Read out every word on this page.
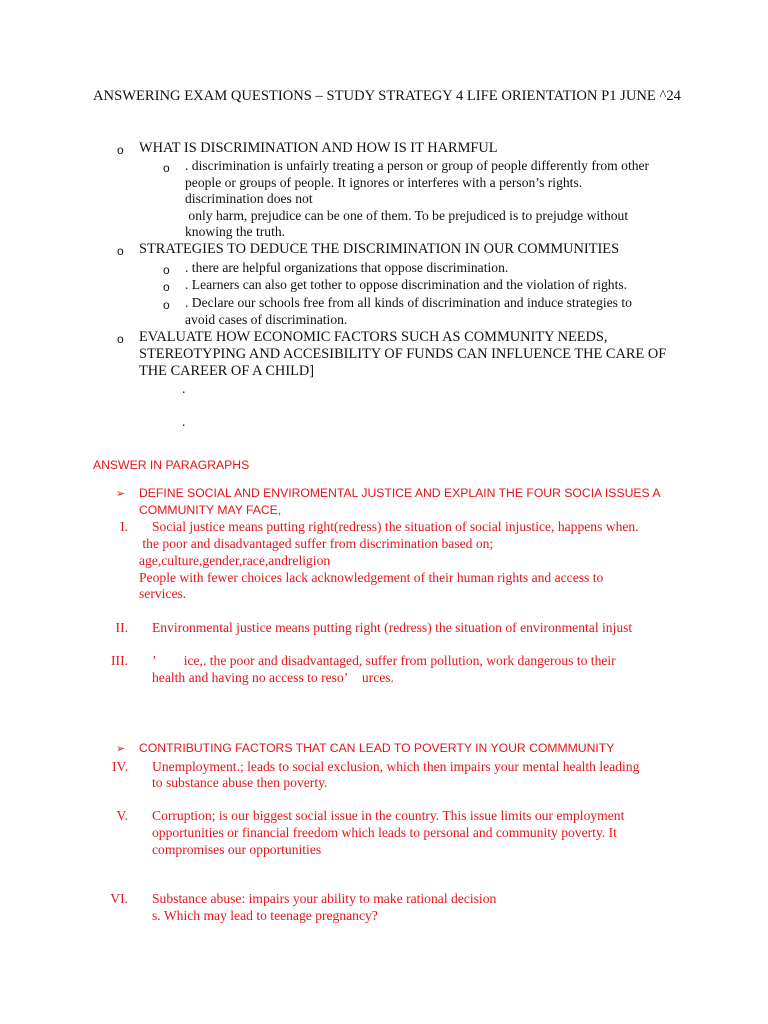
ANSWERING EXAM QUESTIONS – STUDY STRATEGY 4 LIFE ORIENTATION P1 JUNE ^24
o WHAT IS DISCRIMINATION AND HOW IS IT HARMFUL
o . discrimination is unfairly treating a person or group of people differently from other
people or groups of people. It ignores or interferes with a person’s rights.
discrimination does not
only harm, prejudice can be one of them. To be prejudiced is to prejudge without
knowing the truth.
o STRATEGIES TO DEDUCE THE DISCRIMINATION IN OUR COMMUNITIES
o . there are helpful organizations that oppose discrimination.
o . Learners can also get tother to oppose discrimination and the violation of rights.
o . Declare our schools free from all kinds of discrimination and induce strategies to
avoid cases of discrimination.
o EVALUATE HOW ECONOMIC FACTORS SUCH AS COMMUNITY NEEDS,
STEREOTYPING AND ACCESIBILITY OF FUNDS CAN INFLUENCE THE CARE OF
THE CAREER OF A CHILD]
.
.
ANSWER IN PARAGRAPHS
➢ DEFINE SOCIAL AND ENVIROMENTAL JUSTICE AND EXPLAIN THE FOUR SOCIA ISSUES A
COMMUNITY MAY FACE,
I. Social justice means putting right(redress) the situation of social injustice, happens when.
the poor and disadvantaged suffer from discrimination based on;
age,culture,gender,race,andreligion
People with fewer choices lack acknowledgement of their human rights and access to
services.
II. Environmental justice means putting right (redress) the situation of environmental injust
III. ʼ        ice,. the poor and disadvantaged, suffer from pollution, work dangerous to their
health and having no access to resoʼ    urces.
➢ CONTRIBUTING FACTORS THAT CAN LEAD TO POVERTY IN YOUR COMMMUNITY
IV. Unemployment.; leads to social exclusion, which then impairs your mental health leading
to substance abuse then poverty.
V. Corruption; is our biggest social issue in the country. This issue limits our employment
opportunities or financial freedom which leads to personal and community poverty. It
compromises our opportunities
VI. Substance abuse: impairs your ability to make rational decision
s. Which may lead to teenage pregnancy?
